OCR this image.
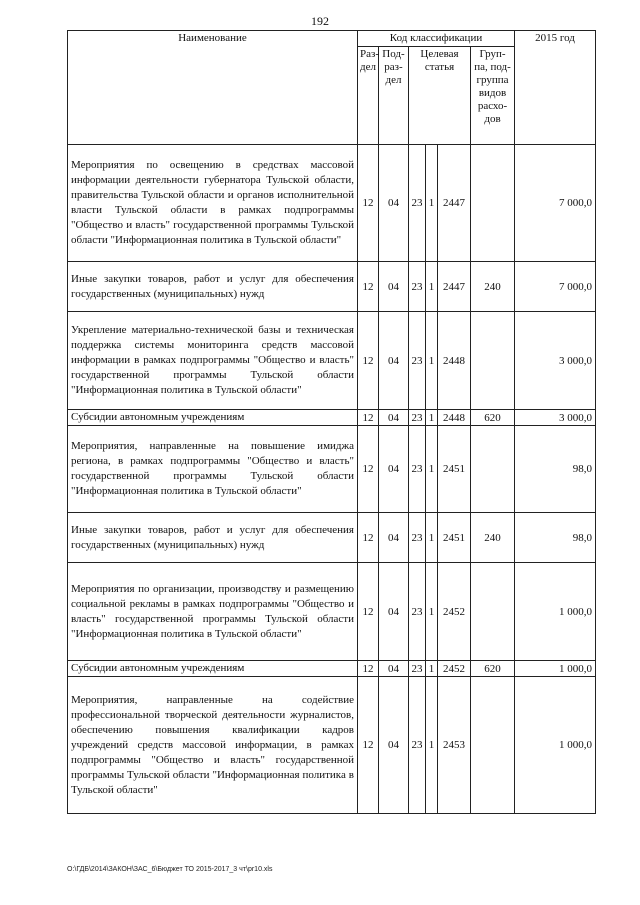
192
Наименование	Код классификации						2015 год
	Раз-дел	Под-раз-дел	Целевая статья			Груп-па, под-группа видов расхо-дов	
Мероприятия по освещению в средствах массовой информации деятельности губернатора Тульской области, правительства Тульской области и органов исполнительной власти Тульской области в рамках подпрограммы "Общество и власть" государственной программы Тульской области "Информационная политика в Тульской области"	12	04	23	1	2447		7 000,0
Иные закупки товаров, работ и услуг для обеспечения государственных (муниципальных) нужд	12	04	23	1	2447	240	7 000,0
Укрепление материально-технической базы и техническая поддержка системы мониторинга средств массовой информации в рамках подпрограммы "Общество и власть" государственной программы Тульской области "Информационная политика в Тульской области"	12	04	23	1	2448		3 000,0
Субсидии автономным учреждениям	12	04	23	1	2448	620	3 000,0
Мероприятия, направленные на повышение имиджа региона, в рамках подпрограммы "Общество и власть" государственной программы Тульской области "Информационная политика в Тульской области"	12	04	23	1	2451		98,0
Иные закупки товаров, работ и услуг для обеспечения государственных (муниципальных) нужд	12	04	23	1	2451	240	98,0
Мероприятия по организации, производству и размещению социальной рекламы в рамках подпрограммы "Общество и власть" государственной программы Тульской области "Информационная политика в Тульской области"	12	04	23	1	2452		1 000,0
Субсидии автономным учреждениям	12	04	23	1	2452	620	1 000,0
Мероприятия, направленные на содействие профессиональной творческой деятельности журналистов, обеспечению повышения квалификации кадров учреждений средств массовой информации, в рамках подпрограммы "Общество и власть" государственной программы Тульской области "Информационная политика в Тульской области"	12	04	23	1	2453		1 000,0
O:\ГДБ\2014\ЗАКОН\ЗАС_6\Бюджет ТО 2015-2017_3 чт\pr10.xls
